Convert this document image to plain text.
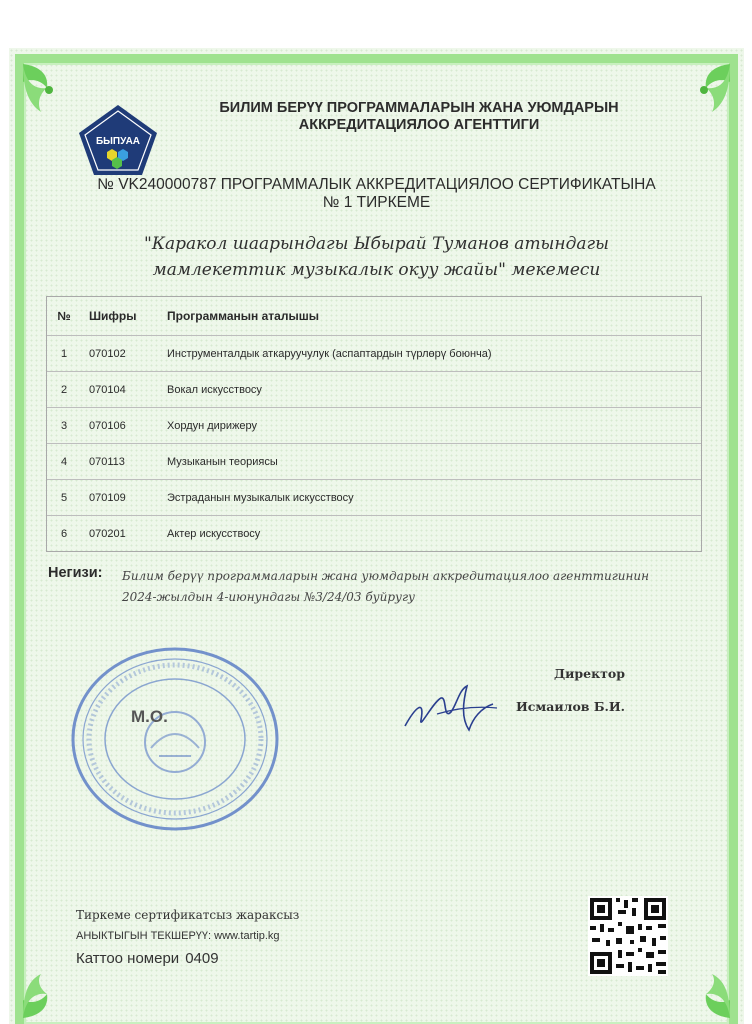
БЫПУАА
БИЛИМ БЕРҮҮ ПРОГРАММАЛАРЫН ЖАНА УЮМДАРЫН
АККРЕДИТАЦИЯЛОО АГЕНТТИГИ
№ VK240000787 ПРОГРАММАЛЫК АККРЕДИТАЦИЯЛОО СЕРТИФИКАТЫНА
№ 1 ТИРКЕМЕ
"Каракол шаарындагы Ыбырай Туманов атындагы
мамлекеттик музыкалык окуу жайы" мекемеси
№	Шифры	Программанын аталышы
1	070102	Инструменталдык аткаруучулук (аспаптардын түрлөрү боюнча)
2	070104	Вокал искусствосу
3	070106	Хордун дирижеру
4	070113	Музыканын теориясы
5	070109	Эстраданын музыкалык искусствосу
6	070201	Актер искусствосу
Негизи: Билим берүү программаларын жана уюмдарын аккредитациялоо агенттигинин
2024-жылдын 4-июнундагы №3/24/03 буйругу
М.О.
Директор
Исмаилов Б.И.
Тиркеме сертификатсыз жараксыз
АНЫКТЫГЫН ТЕКШЕРҮҮ: www.tartip.kg
Каттоо номери 0409
